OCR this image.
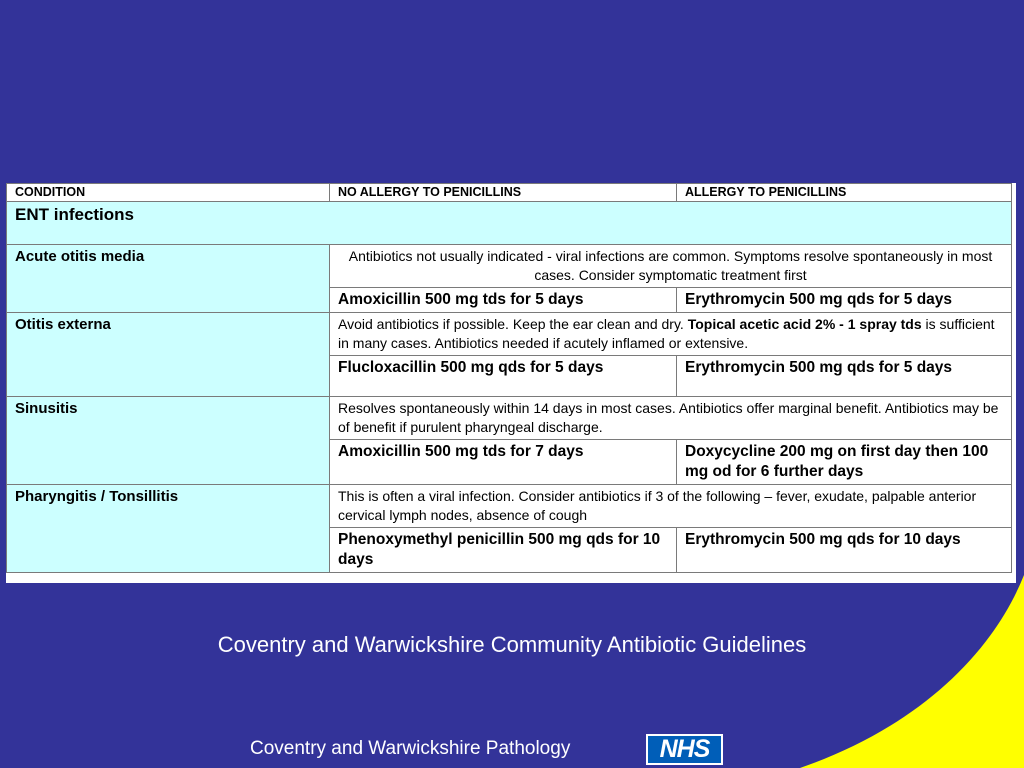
CONDITION	NO ALLERGY TO PENICILLINS	ALLERGY TO PENICILLINS
ENT infections		
Acute otitis media	Antibiotics not usually indicated - viral infections are common. Symptoms resolve spontaneously in most cases. Consider symptomatic treatment first	
	Amoxicillin 500 mg tds for 5 days	Erythromycin 500 mg qds for 5 days
Otitis externa	Avoid antibiotics if possible. Keep the ear clean and dry. Topical acetic acid 2% - 1 spray tds is sufficient in many cases. Antibiotics needed if acutely inflamed or extensive.	
	Flucloxacillin 500 mg qds for 5 days	Erythromycin 500 mg qds for 5 days
Sinusitis	Resolves spontaneously within 14 days in most cases. Antibiotics offer marginal benefit. Antibiotics may be of benefit if purulent pharyngeal discharge.	
	Amoxicillin 500 mg tds for 7 days	Doxycycline 200 mg on first day then 100 mg od for 6 further days
Pharyngitis / Tonsillitis	This is often a viral infection. Consider antibiotics if 3 of the following – fever, exudate, palpable anterior cervical lymph nodes, absence of cough	
	Phenoxymethyl penicillin 500 mg qds for 10 days	Erythromycin 500 mg qds for 10 days
Coventry and Warwickshire Community Antibiotic Guidelines
Coventry and Warwickshire Pathology	NHS
